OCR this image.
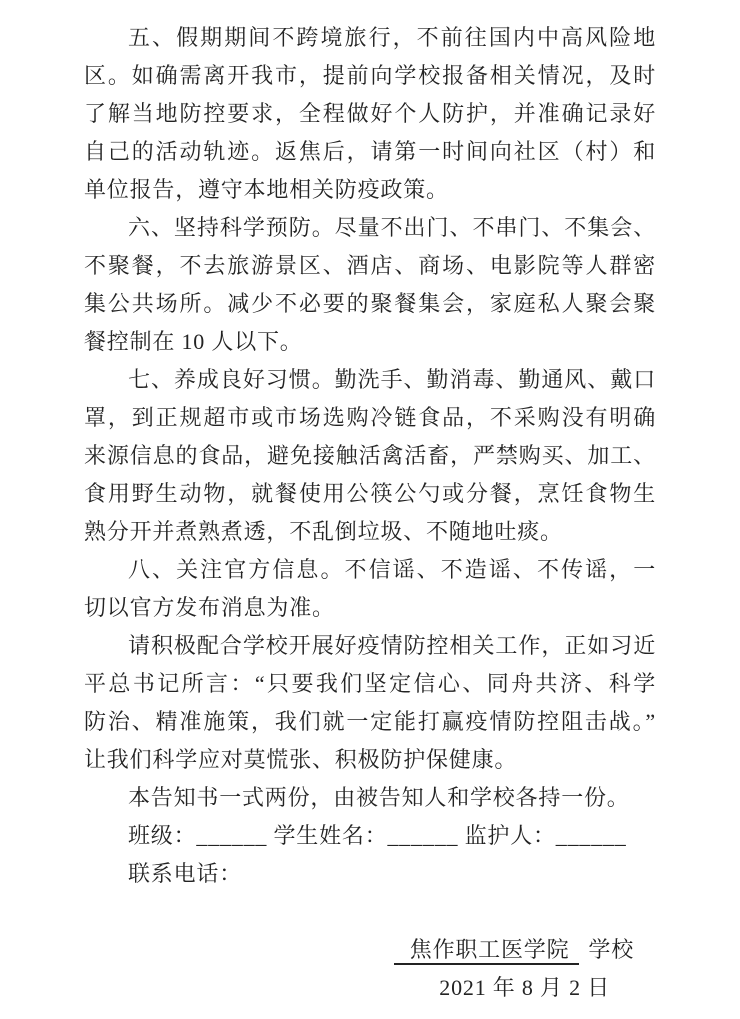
五、假期期间不跨境旅行，不前往国内中高风险地
区。如确需离开我市，提前向学校报备相关情况，及时
了解当地防控要求，全程做好个人防护，并准确记录好
自己的活动轨迹。返焦后，请第一时间向社区（村）和
单位报告，遵守本地相关防疫政策。
六、坚持科学预防。尽量不出门、不串门、不集会、
不聚餐，不去旅游景区、酒店、商场、电影院等人群密
集公共场所。减少不必要的聚餐集会，家庭私人聚会聚
餐控制在 10 人以下。
七、养成良好习惯。勤洗手、勤消毒、勤通风、戴口
罩，到正规超市或市场选购冷链食品，不采购没有明确
来源信息的食品，避免接触活禽活畜，严禁购买、加工、
食用野生动物，就餐使用公筷公勺或分餐，烹饪食物生
熟分开并煮熟煮透，不乱倒垃圾、不随地吐痰。
八、关注官方信息。不信谣、不造谣、不传谣，一
切以官方发布消息为准。
请积极配合学校开展好疫情防控相关工作，正如习近
平总书记所言：“只要我们坚定信心、同舟共济、科学
防治、精准施策，我们就一定能打赢疫情防控阻击战。”
让我们科学应对莫慌张、积极防护保健康。
本告知书一式两份，由被告知人和学校各持一份。
班级：______ 学生姓名：______ 监护人：______
联系电话：
焦作职工医学院 学校
2021 年 8 月 2 日
